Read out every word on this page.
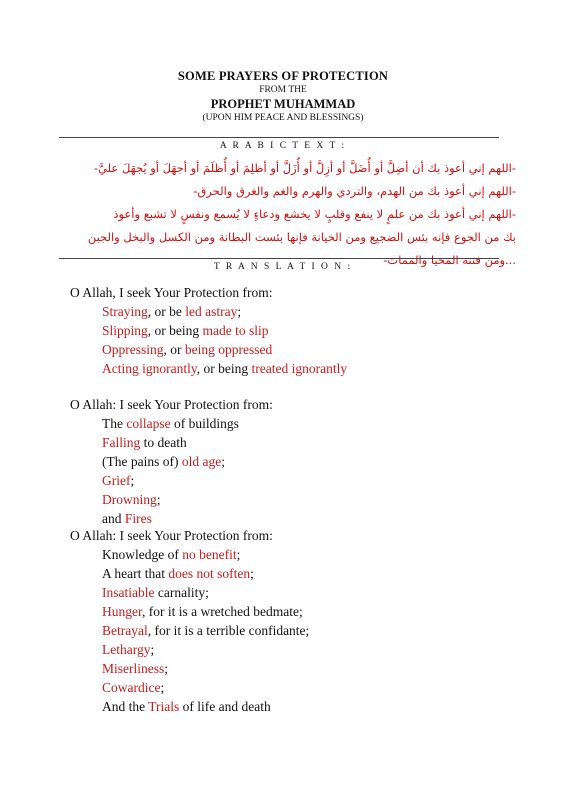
SOME PRAYERS OF PROTECTION
FROM THE
PROPHET MUHAMMAD
(UPON HIM PEACE AND BLESSINGS)
A R A B I C T E X T :
-اللهم إني أعوذ بك أن أضِلَّ أو أُضَلَّ أو أزِلَّ أو أُزَلَّ أو أظلِمَ أو أُظلَمَ أو أجهَلَ أو يُجهَلَ عليَّ-
-اللهم إني أعوذ بك من الهدم، والتردي والهرم والغم والغرق والحرق-
-اللهم إني أعوذ بك من علمٍ لا ينفع وقلبٍ لا يخشع ودعاءٍ لا يُسمع ونفسٍ لا تشبع وأعوذ
بك من الجوع فإنه بئس الضجيع ومن الخيانة فإنها بئست البطانة ومن الكسل والبخل والجبن
...ومن فتنة المحيا والممات-
T R A N S L A T I O N :
O Allah, I seek Your Protection from:
Straying, or be led astray;
Slipping, or being made to slip
Oppressing, or being oppressed
Acting ignorantly, or being treated ignorantly
O Allah: I seek Your Protection from:
The collapse of buildings
Falling to death
(The pains of) old age;
Grief;
Drowning;
and Fires
O Allah: I seek Your Protection from:
Knowledge of no benefit;
A heart that does not soften;
Insatiable carnality;
Hunger, for it is a wretched bedmate;
Betrayal, for it is a terrible confidante;
Lethargy;
Miserliness;
Cowardice;
And the Trials of life and death
